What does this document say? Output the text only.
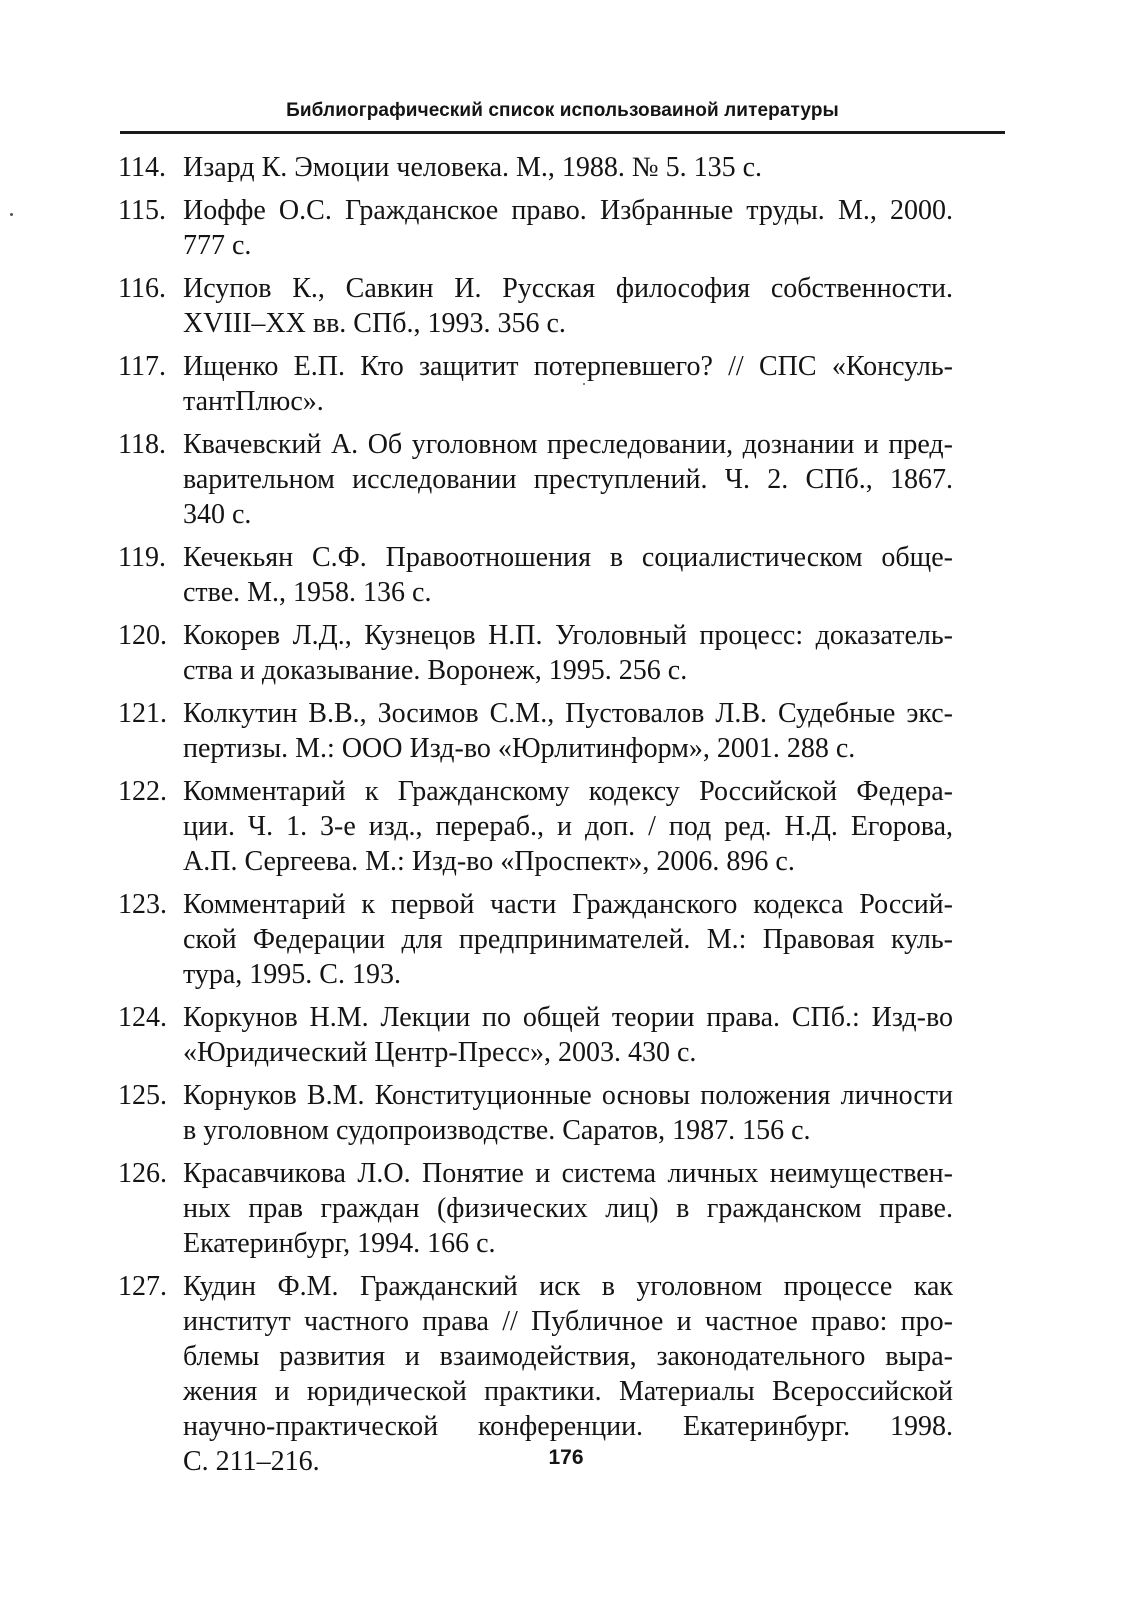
Библиографический список использоваиной литературы
114. Изард К. Эмоции человека. М., 1988. № 5. 135 с.
115. Иоффе О.С. Гражданское право. Избранные труды. М., 2000.
777 с.
116. Исупов К., Савкин И. Русская философия собственности.
XVIII–XX вв. СПб., 1993. 356 с.
117. Ищенко Е.П. Кто защитит потерпевшего? // СПС «Консуль-
тантПлюс».
118. Квачевский А. Об уголовном преследовании, дознании и пред-
варительном исследовании преступлений. Ч. 2. СПб., 1867.
340 с.
119. Кечекьян С.Ф. Правоотношения в социалистическом обще-
стве. М., 1958. 136 с.
120. Кокорев Л.Д., Кузнецов Н.П. Уголовный процесс: доказатель-
ства и доказывание. Воронеж, 1995. 256 с.
121. Колкутин В.В., Зосимов С.М., Пустовалов Л.В. Судебные экс-
пертизы. М.: ООО Изд-во «Юрлитинформ», 2001. 288 с.
122. Комментарий к Гражданскому кодексу Российской Федера-
ции. Ч. 1. 3-е изд., перераб., и доп. / под ред. Н.Д. Егорова,
А.П. Сергеева. М.: Изд-во «Проспект», 2006. 896 с.
123. Комментарий к первой части Гражданского кодекса Россий-
ской Федерации для предпринимателей. М.: Правовая куль-
тура, 1995. С. 193.
124. Коркунов Н.М. Лекции по общей теории права. СПб.: Изд-во
«Юридический Центр-Пресс», 2003. 430 с.
125. Корнуков В.М. Конституционные основы положения личности
в уголовном судопроизводстве. Саратов, 1987. 156 с.
126. Красавчикова Л.О. Понятие и система личных неимуществен-
ных прав граждан (физических лиц) в гражданском праве.
Екатеринбург, 1994. 166 с.
127. Кудин Ф.М. Гражданский иск в уголовном процессе как
институт частного права // Публичное и частное право: про-
блемы развития и взаимодействия, законодательного выра-
жения и юридической практики. Материалы Всероссийской
научно-практической конференции. Екатеринбург. 1998.
С. 211–216.	176
